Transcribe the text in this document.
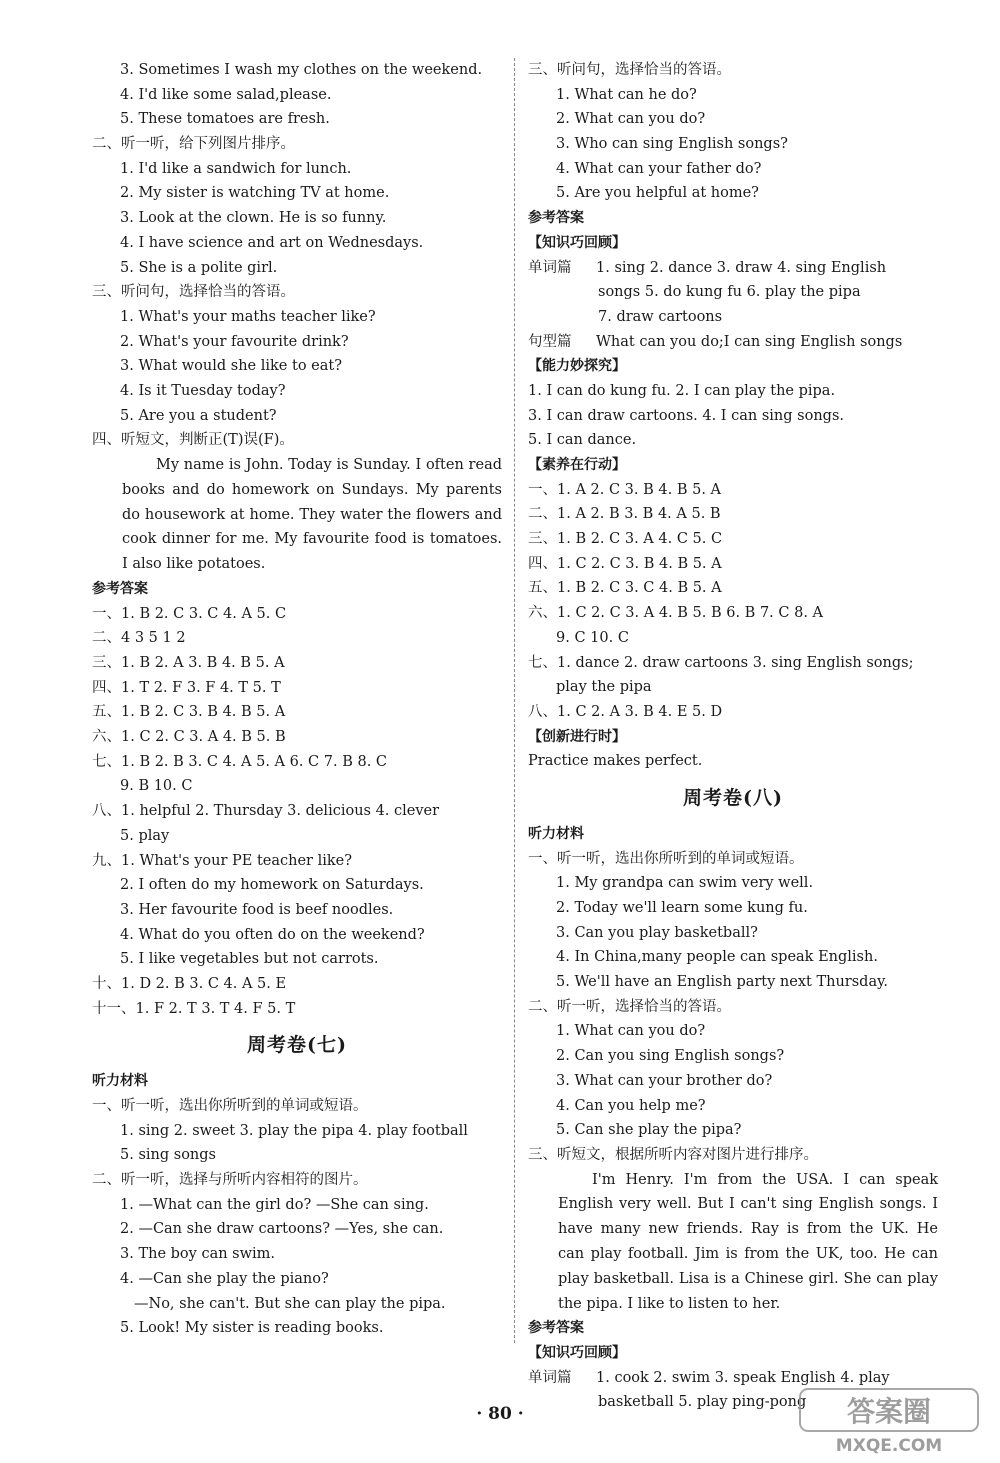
3. Sometimes I wash my clothes on the weekend.
4. I'd like some salad,please.
5. These tomatoes are fresh.
二、听一听，给下列图片排序。
1. I'd like a sandwich for lunch.
2. My sister is watching TV at home.
3. Look at the clown. He is so funny.
4. I have science and art on Wednesdays.
5. She is a polite girl.
三、听问句，选择恰当的答语。
1. What's your maths teacher like?
2. What's your favourite drink?
3. What would she like to eat?
4. Is it Tuesday today?
5. Are you a student?
四、听短文，判断正(T)误(F)。
My name is John. Today is Sunday. I often read books and do homework on Sundays. My parents do housework at home. They water the flowers and cook dinner for me. My favourite food is tomatoes. I also like potatoes.
参考答案
一、1. B 2. C 3. C 4. A 5. C
二、4 3 5 1 2
三、1. B 2. A 3. B 4. B 5. A
四、1. T 2. F 3. F 4. T 5. T
五、1. B 2. C 3. B 4. B 5. A
六、1. C 2. C 3. A 4. B 5. B
七、1. B 2. B 3. C 4. A 5. A 6. C 7. B 8. C
9. B 10. C
八、1. helpful 2. Thursday 3. delicious 4. clever
5. play
九、1. What's your PE teacher like?
2. I often do my homework on Saturdays.
3. Her favourite food is beef noodles.
4. What do you often do on the weekend?
5. I like vegetables but not carrots.
十、1. D 2. B 3. C 4. A 5. E
十一、1. F 2. T 3. T 4. F 5. T
周考卷(七)
听力材料
一、听一听，选出你所听到的单词或短语。
1. sing 2. sweet 3. play the pipa 4. play football
5. sing songs
二、听一听，选择与所听内容相符的图片。
1. —What can the girl do? —She can sing.
2. —Can she draw cartoons? —Yes, she can.
3. The boy can swim.
4. —Can she play the piano?
—No, she can't. But she can play the pipa.
5. Look! My sister is reading books.
三、听问句，选择恰当的答语。
1. What can he do?
2. What can you do?
3. Who can sing English songs?
4. What can your father do?
5. Are you helpful at home?
参考答案
【知识巧回顾】
单词篇	1. sing 2. dance 3. draw 4. sing English
songs 5. do kung fu 6. play the pipa
7. draw cartoons
句型篇	What can you do;I can sing English songs
【能力妙探究】
1. I can do kung fu. 2. I can play the pipa.
3. I can draw cartoons. 4. I can sing songs.
5. I can dance.
【素养在行动】
一、1. A 2. C 3. B 4. B 5. A
二、1. A 2. B 3. B 4. A 5. B
三、1. B 2. C 3. A 4. C 5. C
四、1. C 2. C 3. B 4. B 5. A
五、1. B 2. C 3. C 4. B 5. A
六、1. C 2. C 3. A 4. B 5. B 6. B 7. C 8. A
9. C 10. C
七、1. dance 2. draw cartoons 3. sing English songs;
play the pipa
八、1. C 2. A 3. B 4. E 5. D
【创新进行时】
Practice makes perfect.
周考卷(八)
听力材料
一、听一听，选出你所听到的单词或短语。
1. My grandpa can swim very well.
2. Today we'll learn some kung fu.
3. Can you play basketball?
4. In China,many people can speak English.
5. We'll have an English party next Thursday.
二、听一听，选择恰当的答语。
1. What can you do?
2. Can you sing English songs?
3. What can your brother do?
4. Can you help me?
5. Can she play the pipa?
三、听短文，根据所听内容对图片进行排序。
I'm Henry. I'm from the USA. I can speak English very well. But I can't sing English songs. I have many new friends. Ray is from the UK. He can play football. Jim is from the UK, too. He can play basketball. Lisa is a Chinese girl. She can play the pipa. I like to listen to her.
参考答案
【知识巧回顾】
单词篇	1. cook 2. swim 3. speak English 4. play
basketball 5. play ping-pong
· 80 ·	答案圈
MXQE.COM
